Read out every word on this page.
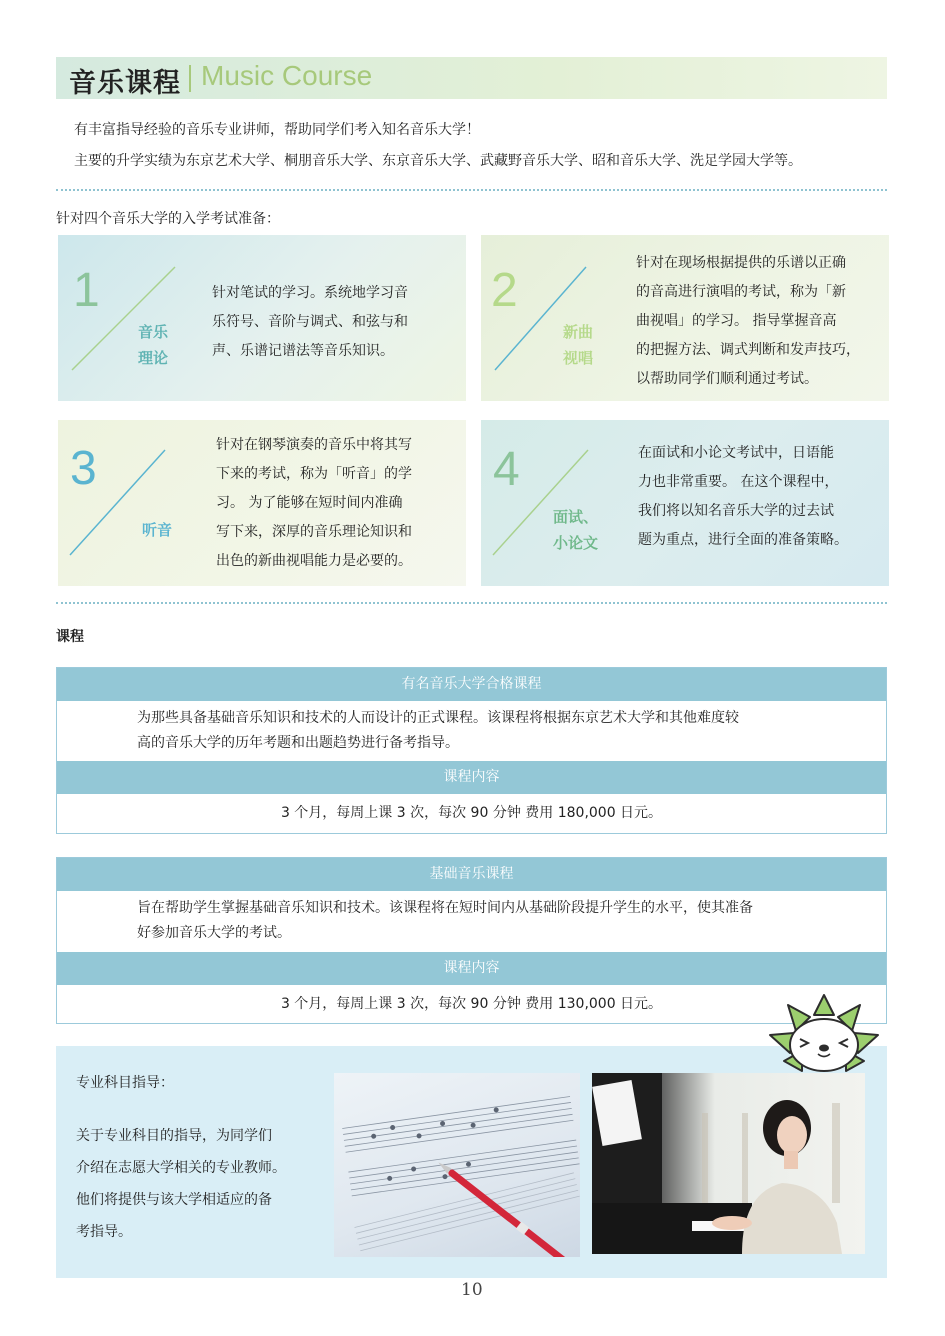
音乐课程 Music Course
有丰富指导经验的音乐专业讲师，帮助同学们考入知名音乐大学！
主要的升学实绩为东京艺术大学、桐朋音乐大学、东京音乐大学、武藏野音乐大学、昭和音乐大学、洗足学园大学等。
针对四个音乐大学的入学考试准备：
1
音乐
理论
针对笔试的学习。系统地学习音
乐符号、音阶与调式、和弦与和
声、乐谱记谱法等音乐知识。
2
新曲
视唱
针对在现场根据提供的乐谱以正确
的音高进行演唱的考试，称为「新
曲视唱」的学习。 指导掌握音高
的把握方法、调式判断和发声技巧，
以帮助同学们顺利通过考试。
3
听音
针对在钢琴演奏的音乐中将其写
下来的考试，称为「听音」的学
习。 为了能够在短时间内准确
写下来，深厚的音乐理论知识和
出色的新曲视唱能力是必要的。
4
面试、
小论文
在面试和小论文考试中，日语能
力也非常重要。 在这个课程中，
我们将以知名音乐大学的过去试
题为重点，进行全面的准备策略。
课程
有名音乐大学合格课程
为那些具备基础音乐知识和技术的人而设计的正式课程。该课程将根据东京艺术大学和其他难度较
高的音乐大学的历年考题和出题趋势进行备考指导。
课程内容
3 个月，每周上课 3 次，每次 90 分钟 费用 180,000 日元。
基础音乐课程
旨在帮助学生掌握基础音乐知识和技术。该课程将在短时间内从基础阶段提升学生的水平，使其准备
好参加音乐大学的考试。
课程内容
3 个月，每周上课 3 次，每次 90 分钟 费用 130,000 日元。
专业科目指导：
关于专业科目的指导，为同学们
介绍在志愿大学相关的专业教师。
他们将提供与该大学相适应的备
考指导。
10
